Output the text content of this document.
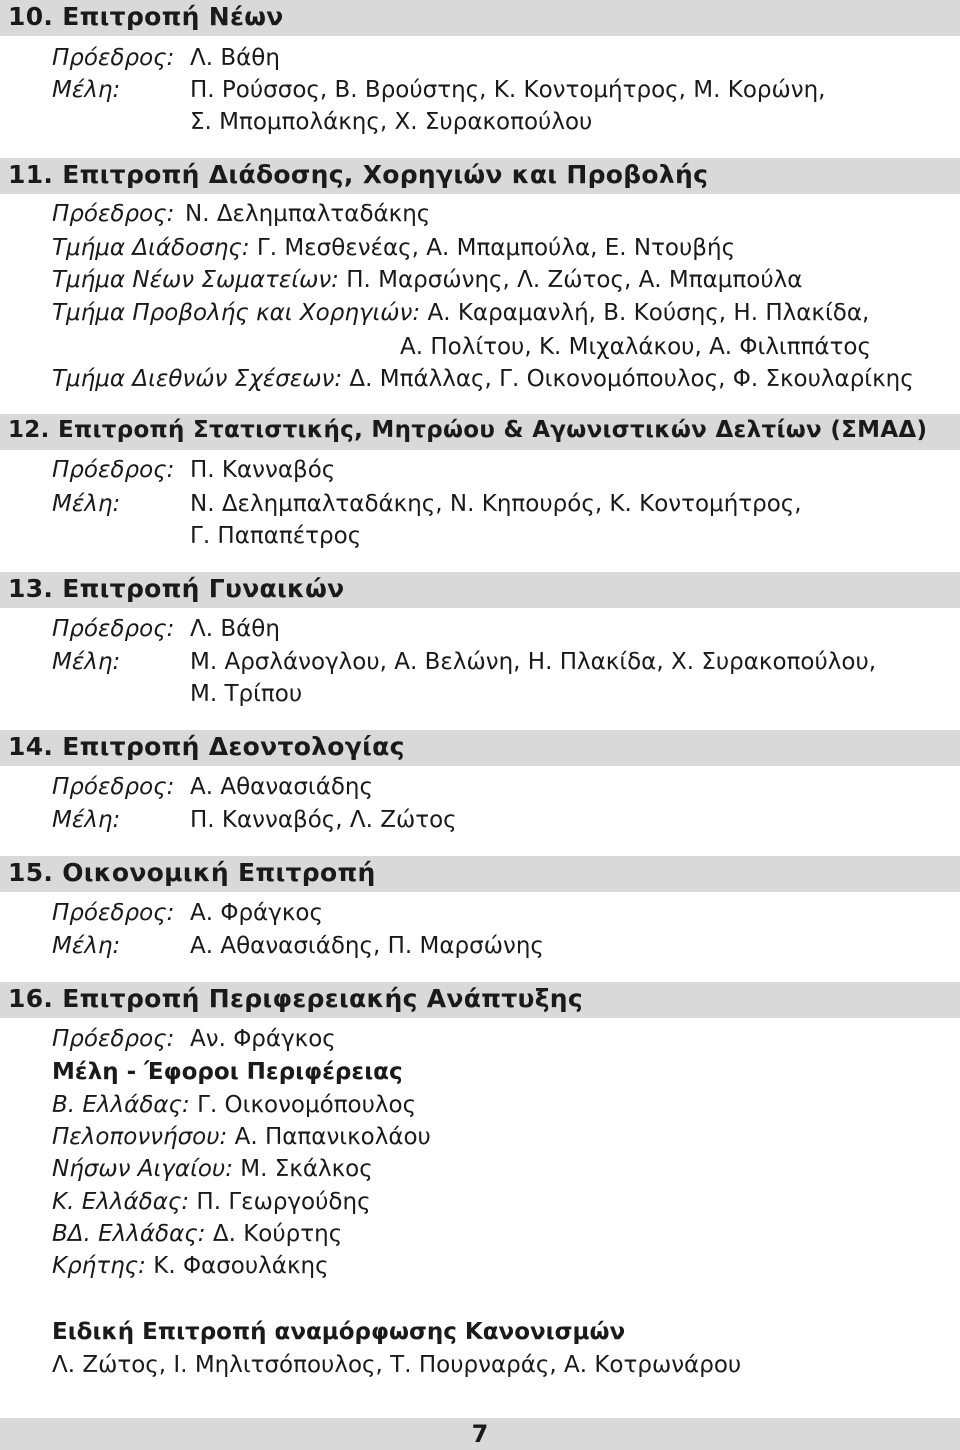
10. Επιτροπή Νέων
Πρόεδρος: Λ. Βάθη
Μέλη:	Π. Ρούσσος, Β. Βρούστης, Κ. Κοντομήτρος, Μ. Κορώνη,
Σ. Μπομπολάκης, Χ. Συρακοπούλου
11. Επιτροπή Διάδοσης, Χορηγιών και Προβολής
Πρόεδρος: Ν. Δεληµπαλταδάκης
Τμήμα Διάδοσης: Γ. Μεσθενέας, Α. Μπαμπούλα, Ε. Ντουβής
Τμήμα Νέων Σωματείων: Π. Μαρσώνης, Λ. Ζώτος, Α. Μπαμπούλα
Τμήμα Προβολής και Χορηγιών: Α. Καραμανλή, Β. Κούσης, Η. Πλακίδα,
Α. Πολίτου, Κ. Μιχαλάκου, Α. Φιλιππάτος
Τμήμα Διεθνών Σχέσεων: Δ. Μπάλλας, Γ. Οικονομόπουλος, Φ. Σκουλαρίκης
12. Επιτροπή Στατιστικής, Μητρώου & Αγωνιστικών Δελτίων (ΣΜΑΔ)
Πρόεδρος: Π. Κανναβός
Μέλη:	Ν. Δεληµπαλταδάκης, Ν. Κηπουρός, Κ. Κοντομήτρος,
Γ. Παπαπέτρος
13. Επιτροπή Γυναικών
Πρόεδρος: Λ. Βάθη
Μέλη:	Μ. Αρσλάνογλου, Α. Βελώνη, Η. Πλακίδα, Χ. Συρακοπούλου,
Μ. Τρίπου
14. Επιτροπή Δεοντολογίας
Πρόεδρος: Α. Αθανασιάδης
Μέλη:	Π. Κανναβός, Λ. Ζώτος
15. Οικονομική Επιτροπή
Πρόεδρος: Α. Φράγκος
Μέλη:	Α. Αθανασιάδης, Π. Μαρσώνης
16. Επιτροπή Περιφερειακής Ανάπτυξης
Πρόεδρος: Αν. Φράγκος
Μέλη - Έφοροι Περιφέρειας
Β. Ελλάδας: Γ. Οικονομόπουλος
Πελοποννήσου: Α. Παπανικολάου
Νήσων Αιγαίου: Μ. Σκάλκος
Κ. Ελλάδας: Π. Γεωργούδης
ΒΔ. Ελλάδας: Δ. Κούρτης
Κρήτης: Κ. Φασουλάκης
Ειδική Επιτροπή αναμόρφωσης Κανονισμών
Λ. Ζώτος, Ι. Μηλιτσόπουλος, Τ. Πουρναράς, Α. Κοτρωνάρου
7
